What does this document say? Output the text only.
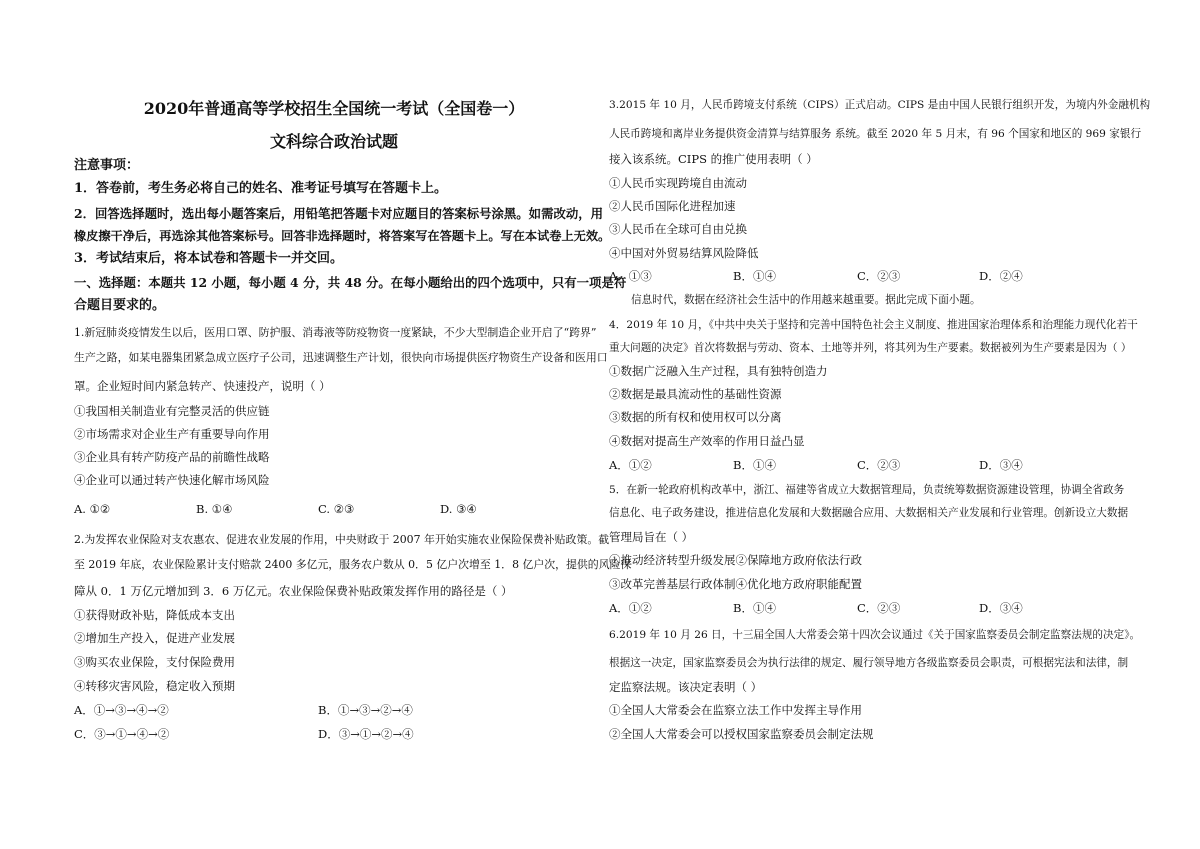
2020年普通高等学校招生全国统一考试（全国卷一）
文科综合政治试题
注意事项：
1．答卷前，考生务必将自己的姓名、准考证号填写在答题卡上。
2．回答选择题时，选出每小题答案后，用铅笔把答题卡对应题目的答案标号涂黑。如需改动，用
橡皮擦干净后，再选涂其他答案标号。回答非选择题时，将答案写在答题卡上。写在本试卷上无效。
3．考试结束后，将本试卷和答题卡一并交回。
一、选择题：本题共 12 小题，每小题 4 分，共 48 分。在每小题给出的四个选项中，只有一项是符
合题目要求的。
1.新冠肺炎疫情发生以后，医用口罩、防护服、消毒液等防疫物资一度紧缺，不少大型制造企业开启了“跨界”
生产之路，如某电器集团紧急成立医疗子公司，迅速调整生产计划，很快向市场提供医疗物资生产设备和医用口
罩。企业短时间内紧急转产、快速投产，说明（ ）
①我国相关制造业有完整灵活的供应链
②市场需求对企业生产有重要导向作用
③企业具有转产防疫产品的前瞻性战略
④企业可以通过转产快速化解市场风险
A. ①②	B. ①④	C. ②③	D. ③④
2.为发挥农业保险对支农惠农、促进农业发展的作用，中央财政于 2007 年开始实施农业保险保费补贴政策。截
至 2019 年底，农业保险累计支付赔款 2400 多亿元，服务农户数从 0．5 亿户次增至 1．8 亿户次，提供的风险保
障从 0．1 万亿元增加到 3．6 万亿元。农业保险保费补贴政策发挥作用的路径是（ ）
①获得财政补贴，降低成本支出
②增加生产投入，促进产业发展
③购买农业保险，支付保险费用
④转移灾害风险，稳定收入预期
A．①→③→④→②	B．①→③→②→④
C．③→①→④→②	D．③→①→②→④
3.2015 年 10 月，人民币跨境支付系统（CIPS）正式启动。CIPS 是由中国人民银行组织开发，为境内外金融机构
人民币跨境和离岸业务提供资金清算与结算服务 系统。截至 2020 年 5 月末，有 96 个国家和地区的 969 家银行
接入该系统。CIPS 的推广使用表明（ ）
①人民币实现跨境自由流动
②人民币国际化进程加速
③人民币在全球可自由兑换
④中国对外贸易结算风险降低
A．①③	B．①④	C．②③	D．②④
信息时代，数据在经济社会生活中的作用越来越重要。据此完成下面小题。
4．2019 年 10 月，《中共中央关于坚持和完善中国特色社会主义制度、推进国家治理体系和治理能力现代化若干
重大问题的决定》首次将数据与劳动、资本、土地等并列，将其列为生产要素。数据被列为生产要素是因为（ ）
①数据广泛融入生产过程，具有独特创造力
②数据是最具流动性的基础性资源
③数据的所有权和使用权可以分离
④数据对提高生产效率的作用日益凸显
A．①②	B．①④	C．②③	D．③④
5．在新一轮政府机构改革中，浙江、福建等省成立大数据管理局，负责统筹数据资源建设管理，协调全省政务
信息化、电子政务建设，推进信息化发展和大数据融合应用、大数据相关产业发展和行业管理。创新设立大数据
管理局旨在（ ）
①推动经济转型升级发展②保障地方政府依法行政
③改革完善基层行政体制④优化地方政府职能配置
A．①②	B．①④	C．②③	D．③④
6.2019 年 10 月 26 日，十三届全国人大常委会第十四次会议通过《关于国家监察委员会制定监察法规的决定》。
根据这一决定，国家监察委员会为执行法律的规定、履行领导地方各级监察委员会职责，可根据宪法和法律，制
定监察法规。该决定表明（ ）
①全国人大常委会在监察立法工作中发挥主导作用
②全国人大常委会可以授权国家监察委员会制定法规
